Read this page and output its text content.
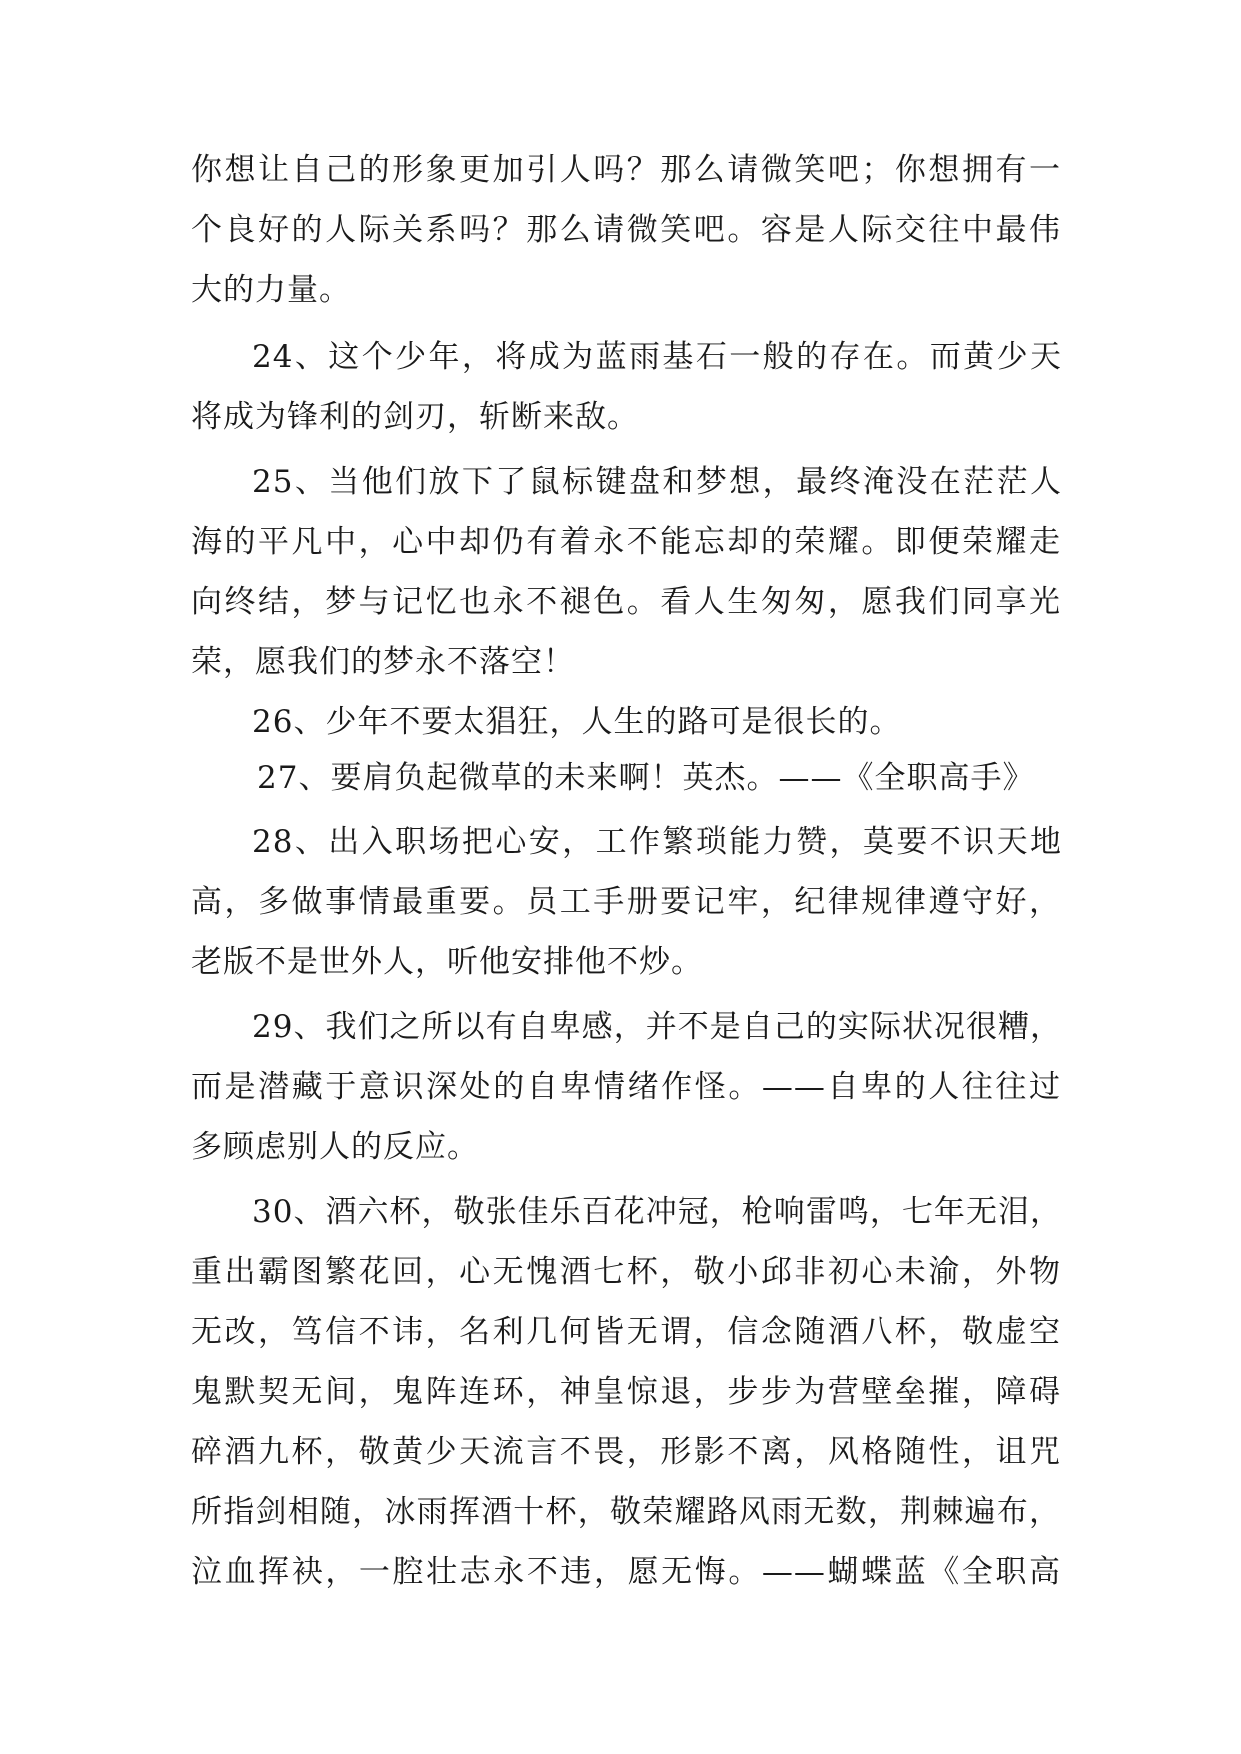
你想让自己的形象更加引人吗？那么请微笑吧；你想拥有一
个良好的人际关系吗？那么请微笑吧。容是人际交往中最伟
大的力量。
24、这个少年，将成为蓝雨基石一般的存在。而黄少天
将成为锋利的剑刃，斩断来敌。
25、当他们放下了鼠标键盘和梦想，最终淹没在茫茫人
海的平凡中，心中却仍有着永不能忘却的荣耀。即便荣耀走
向终结，梦与记忆也永不褪色。看人生匆匆，愿我们同享光
荣，愿我们的梦永不落空！
26、少年不要太猖狂，人生的路可是很长的。
27、要肩负起微草的未来啊！英杰。——《全职高手》
28、出入职场把心安，工作繁琐能力赞，莫要不识天地
高，多做事情最重要。员工手册要记牢，纪律规律遵守好，
老版不是世外人，听他安排他不炒。
29、我们之所以有自卑感，并不是自己的实际状况很糟，
而是潜藏于意识深处的自卑情绪作怪。——自卑的人往往过
多顾虑别人的反应。
30、酒六杯，敬张佳乐百花冲冠，枪响雷鸣，七年无泪，
重出霸图繁花回，心无愧酒七杯，敬小邱非初心未渝，外物
无改，笃信不讳，名利几何皆无谓，信念随酒八杯，敬虚空
鬼默契无间，鬼阵连环，神皇惊退，步步为营壁垒摧，障碍
碎酒九杯，敬黄少天流言不畏，形影不离，风格随性，诅咒
所指剑相随，冰雨挥酒十杯，敬荣耀路风雨无数，荆棘遍布，
泣血挥袂，一腔壮志永不违，愿无悔。——蝴蝶蓝《全职高
